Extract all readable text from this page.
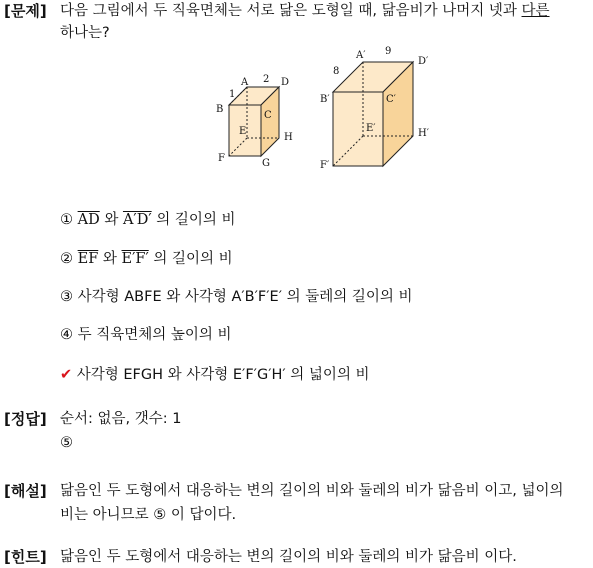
[문제] 다음 그림에서 두 직육면체는 서로 닮은 도형일 때, 닮음비가 나머지 넷과 다른
하나는?
A	D
2
1
B
C
E
H
F	G
A′ 9
D′
8
B′	C′
E′	H′
F′
① $\overline{AD}$ 와 A′D′ 의 길이의 비
② $\overline{EF}$ 와 E′F′ 의 길이의 비
③ 사각형 ABFE 와 사각형 A′B′F′E′ 의 둘레의 길이의 비
④ 두 직육면체의 높이의 비
✔ 사각형 EFGH 와 사각형 E′F′G′H′ 의 넓이의 비
[정답] 순서: 없음, 갯수: 1
⑤
[해설] 닮음인 두 도형에서 대응하는 변의 길이의 비와 둘레의 비가 닮음비 이고, 넓이의
비는 아니므로 ⑤ 이 답이다.
[힌트] 닮음인 두 도형에서 대응하는 변의 길이의 비와 둘레의 비가 닮음비 이다.
